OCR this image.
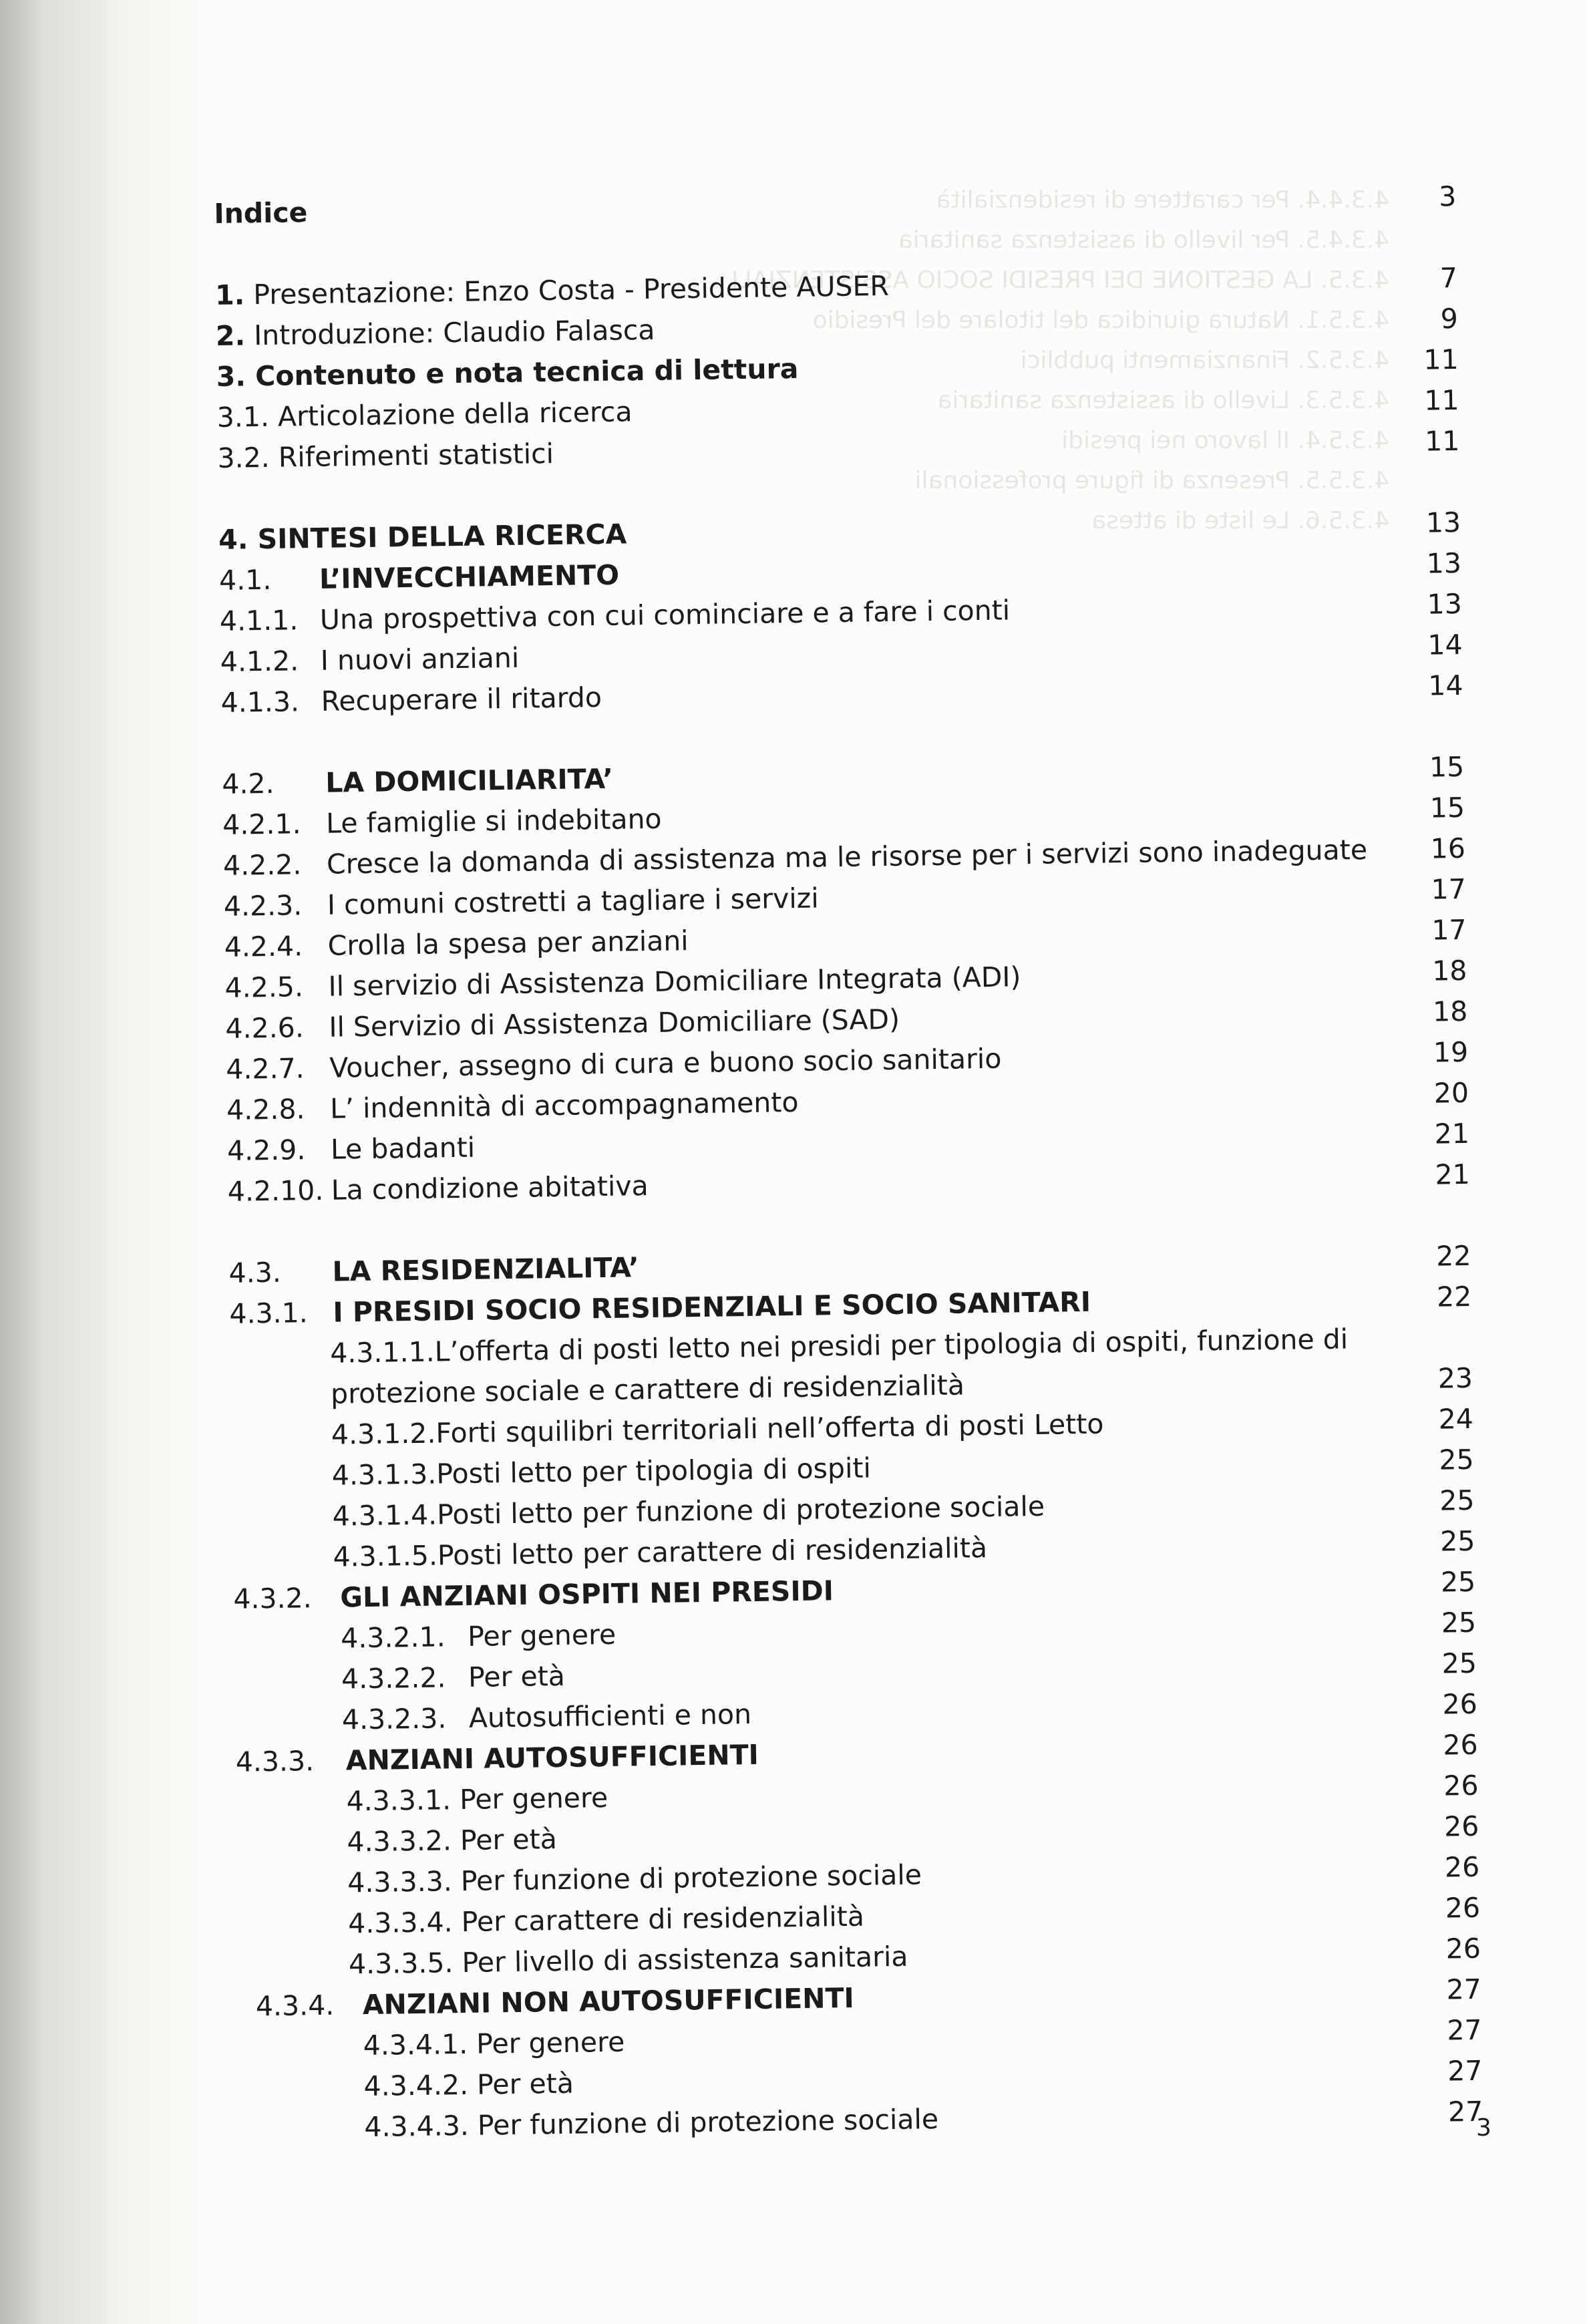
4.3.4.4. Per carattere di residenzialità
4.3.4.5. Per livello di assistenza sanitaria
4.3.5. LA GESTIONE DEI PRESIDI SOCIO ASSISTENZIALI
4.3.5.1. Natura giuridica del titolare del Presidio
4.3.5.2. Finanziamenti pubblici
4.3.5.3. Livello di assistenza sanitaria
4.3.5.4. Il lavoro nei presidi
4.3.5.5. Presenza di figure professionali
4.3.5.6. Le liste di attesa
Indice	3
1. Presentazione: Enzo Costa - Presidente AUSER	7
2. Introduzione: Claudio Falasca	9
3. Contenuto e nota tecnica di lettura	11
3.1. Articolazione della ricerca	11
3.2. Riferimenti statistici	11
4. SINTESI DELLA RICERCA	13
4.1. L’INVECCHIAMENTO	13
4.1.1. Una prospettiva con cui cominciare e a fare i conti	13
4.1.2. I nuovi anziani	14
4.1.3. Recuperare il ritardo	14
4.2. LA DOMICILIARITA’	15
4.2.1. Le famiglie si indebitano	15
4.2.2. Cresce la domanda di assistenza ma le risorse per i servizi sono inadeguate 16
4.2.3. I comuni costretti a tagliare i servizi	17
4.2.4. Crolla la spesa per anziani	17
4.2.5. Il servizio di Assistenza Domiciliare Integrata (ADI)	18
4.2.6. Il Servizio di Assistenza Domiciliare (SAD)	18
4.2.7. Voucher, assegno di cura e buono socio sanitario	19
4.2.8. L’ indennità di accompagnamento	20
4.2.9. Le badanti	21
4.2.10. La condizione abitativa	21
4.3. LA RESIDENZIALITA’	22
4.3.1. I PRESIDI SOCIO RESIDENZIALI E SOCIO SANITARI	22
4.3.1.1.L’offerta di posti letto nei presidi per tipologia di ospiti, funzione di
protezione sociale e carattere di residenzialità	23
4.3.1.2.Forti squilibri territoriali nell’offerta di posti Letto	24
4.3.1.3.Posti letto per tipologia di ospiti	25
4.3.1.4.Posti letto per funzione di protezione sociale	25
4.3.1.5.Posti letto per carattere di residenzialità	25
4.3.2. GLI ANZIANI OSPITI NEI PRESIDI	25
4.3.2.1. Per genere	25
4.3.2.2. Per età	25
4.3.2.3. Autosufficienti e non	26
4.3.3. ANZIANI AUTOSUFFICIENTI	26
4.3.3.1. Per genere	26
4.3.3.2. Per età	26
4.3.3.3. Per funzione di protezione sociale	26
4.3.3.4. Per carattere di residenzialità	26
4.3.3.5. Per livello di assistenza sanitaria	26
4.3.4. ANZIANI NON AUTOSUFFICIENTI	27
4.3.4.1. Per genere	27
4.3.4.2. Per età	27
4.3.4.3. Per funzione di protezione sociale	27
3
